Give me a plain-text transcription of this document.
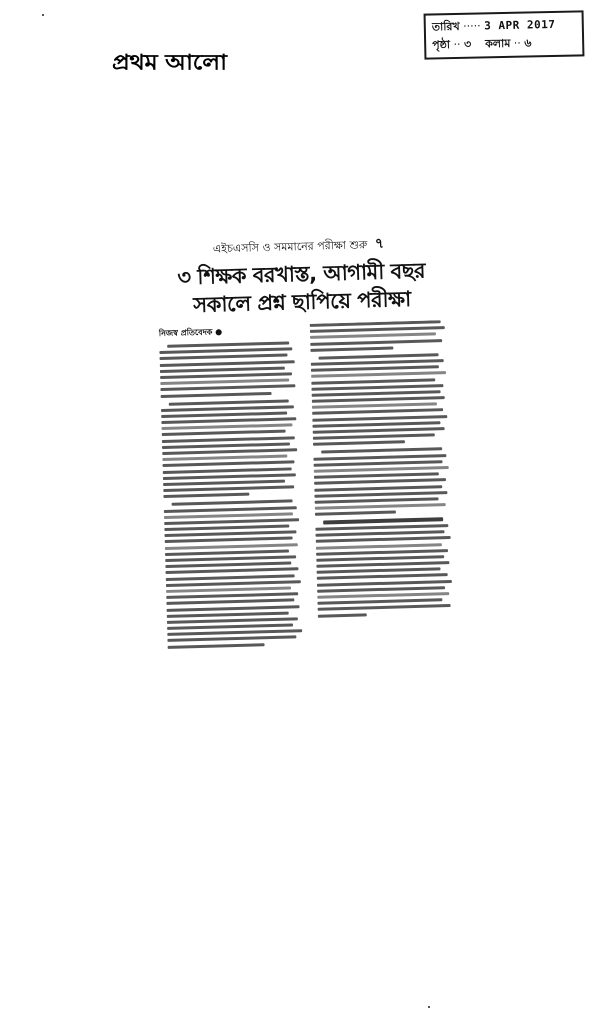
প্রথম আলো
তারিখ ····· 3 APR 2017
পৃষ্ঠা ·· ৩ কলাম ·· ৬
এইচএসসি ও সমমানের পরীক্ষা শুরু ৭
৩ শিক্ষক বরখাস্ত, আগামী বছর
সকালে প্রশ্ন ছাপিয়ে পরীক্ষা
নিজস্ব প্রতিবেদক ●
